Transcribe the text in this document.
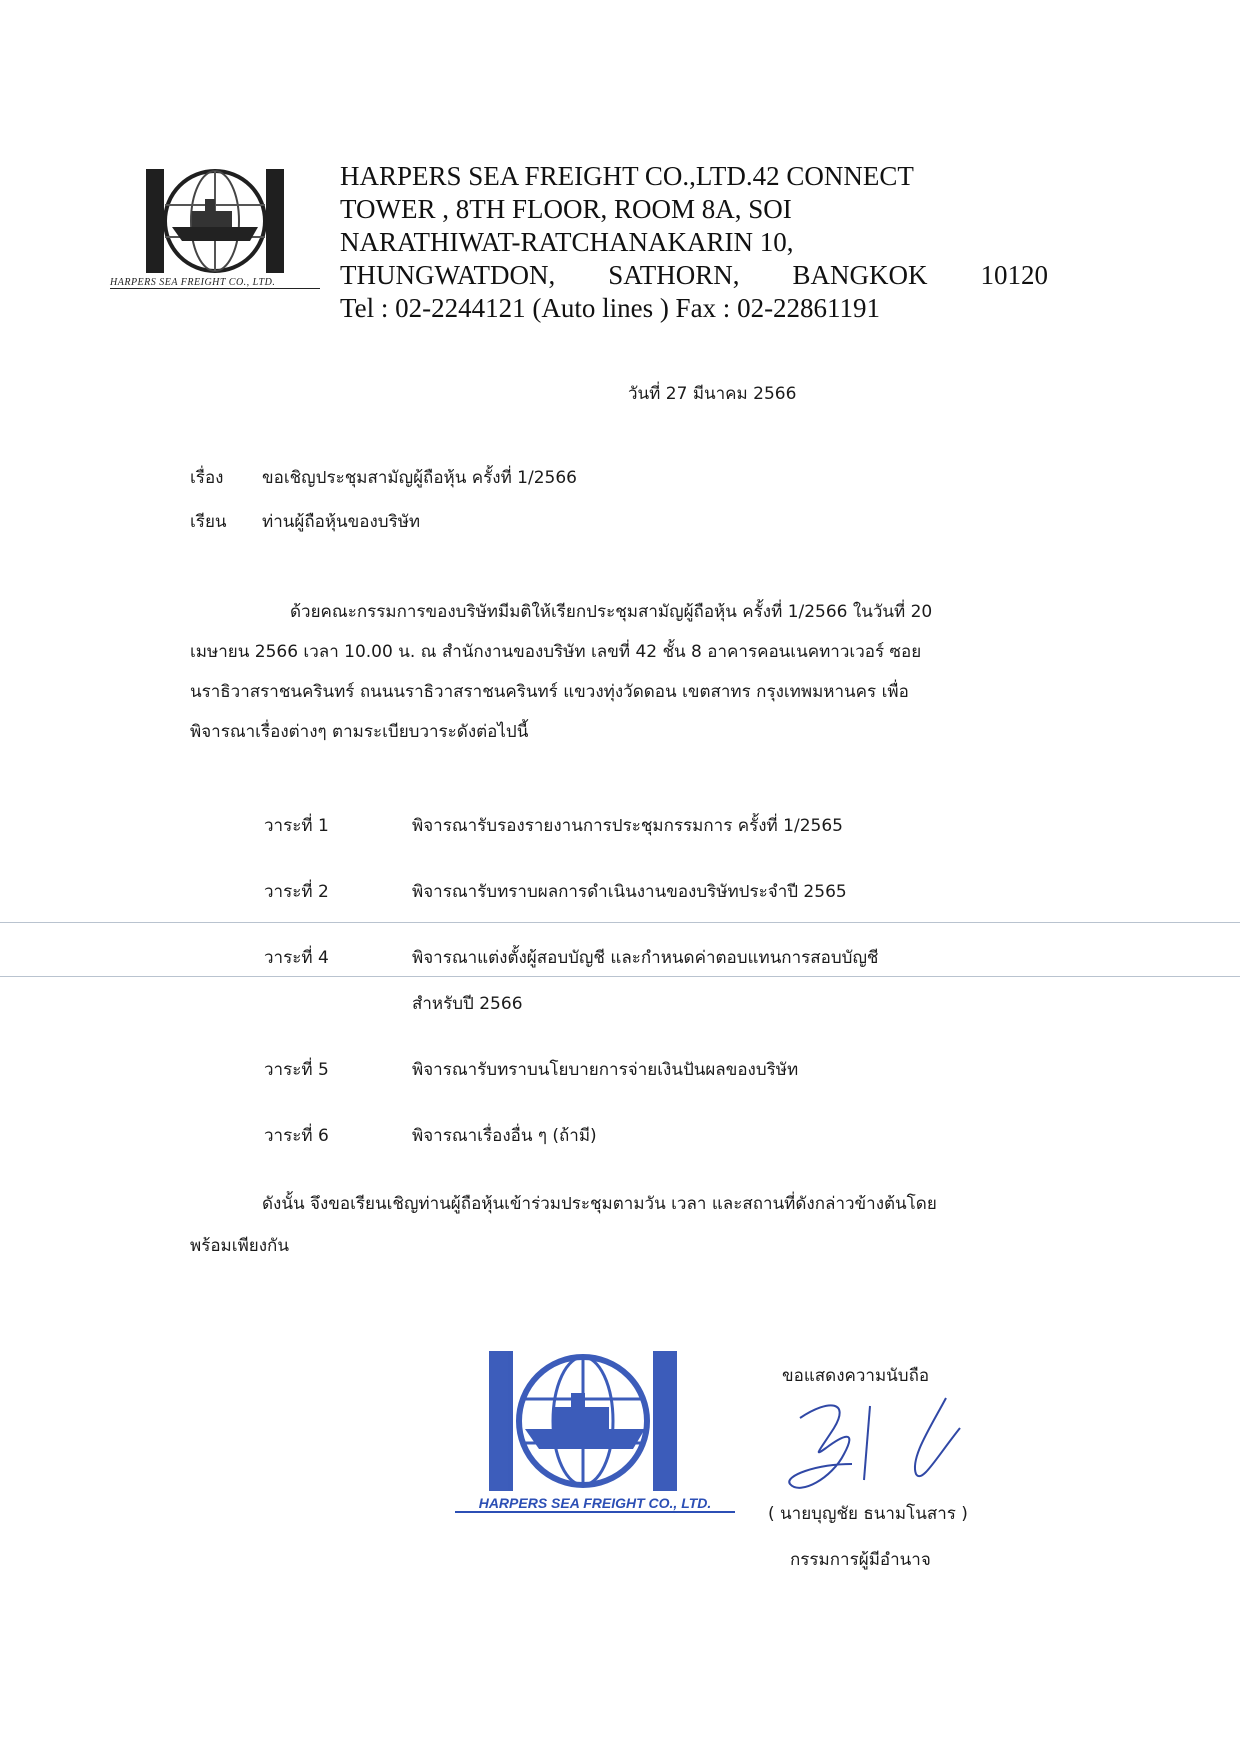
HARPERS SEA FREIGHT CO., LTD.
HARPERS SEA FREIGHT CO.,LTD.42 CONNECT
TOWER , 8TH FLOOR, ROOM 8A, SOI
NARATHIWAT-RATCHANAKARIN 10,
THUNGWATDON, SATHORN, BANGKOK 10120
Tel : 02-2244121 (Auto lines ) Fax : 02-22861191
วันที่ 27 มีนาคม 2566
เรื่อง ขอเชิญประชุมสามัญผู้ถือหุ้น ครั้งที่ 1/2566
เรียน ท่านผู้ถือหุ้นของบริษัท
ด้วยคณะกรรมการของบริษัทมีมติให้เรียกประชุมสามัญผู้ถือหุ้น ครั้งที่ 1/2566 ในวันที่ 20
เมษายน 2566 เวลา 10.00 น. ณ สำนักงานของบริษัท เลขที่ 42 ชั้น 8 อาคารคอนเนคทาวเวอร์ ซอย
นราธิวาสราชนครินทร์ ถนนนราธิวาสราชนครินทร์ แขวงทุ่งวัดดอน เขตสาทร กรุงเทพมหานคร เพื่อ
พิจารณาเรื่องต่างๆ ตามระเบียบวาระดังต่อไปนี้
วาระที่ 1	พิจารณารับรองรายงานการประชุมกรรมการ ครั้งที่ 1/2565
วาระที่ 2	พิจารณารับทราบผลการดำเนินงานของบริษัทประจำปี 2565
วาระที่ 4	พิจารณาแต่งตั้งผู้สอบบัญชี และกำหนดค่าตอบแทนการสอบบัญชี
สำหรับปี 2566
วาระที่ 5	พิจารณารับทราบนโยบายการจ่ายเงินปันผลของบริษัท
วาระที่ 6	พิจารณาเรื่องอื่น ๆ (ถ้ามี)
ดังนั้น จึงขอเรียนเชิญท่านผู้ถือหุ้นเข้าร่วมประชุมตามวัน เวลา และสถานที่ดังกล่าวข้างต้นโดย
พร้อมเพียงกัน
HARPERS SEA FREIGHT CO., LTD.
ขอแสดงความนับถือ
( นายบุญชัย ธนามโนสาร )
กรรมการผู้มีอำนาจ
